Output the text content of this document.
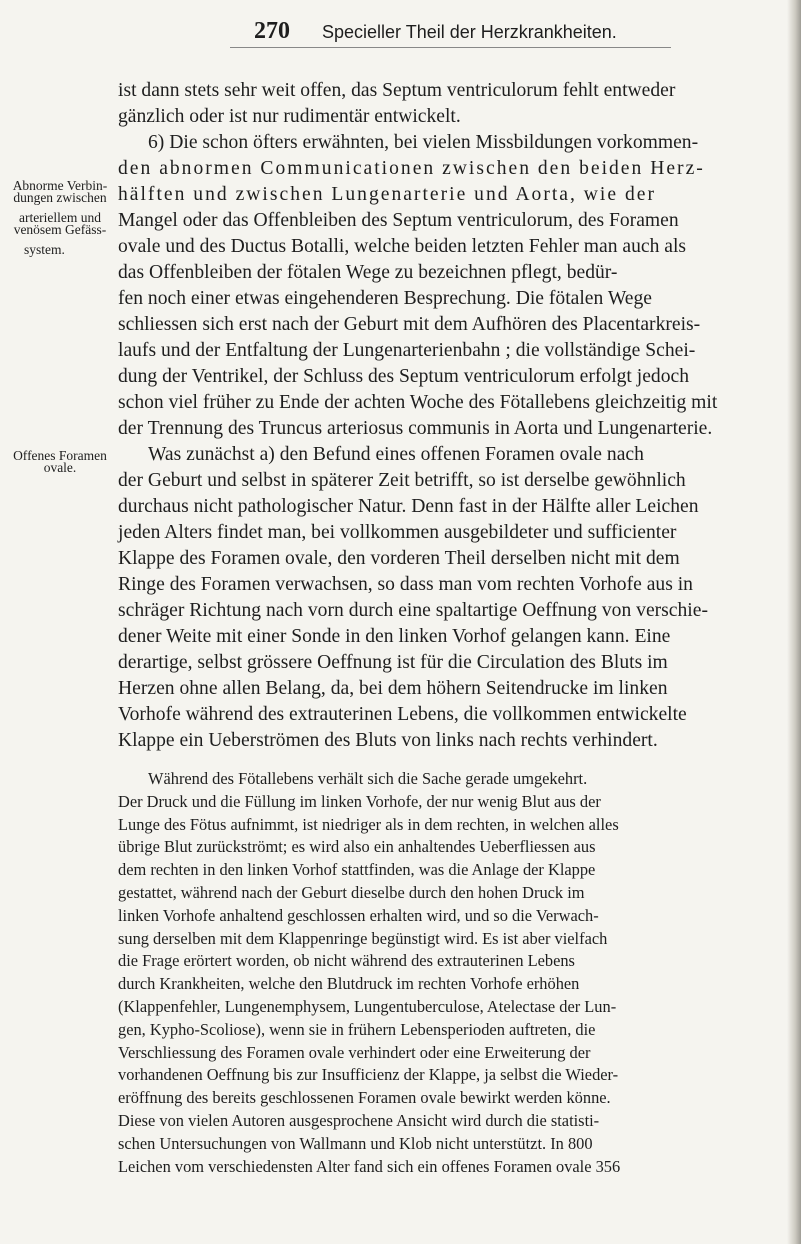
270 Specieller Theil der Herzkrankheiten.
Abnorme Verbin-
dungen zwischen
arteriellem und
venösem Gefäss-
system.
Offenes Foramen
ovale.
ist dann stets sehr weit offen, das Septum ventriculorum fehlt entweder
gänzlich oder ist nur rudimentär entwickelt.
6) Die schon öfters erwähnten, bei vielen Missbildungen vorkommen-
den abnormen Communicationen zwischen den beiden Herz-
hälften und zwischen Lungenarterie und Aorta, wie der
Mangel oder das Offenbleiben des Septum ventriculorum, des Foramen
ovale und des Ductus Botalli, welche beiden letzten Fehler man auch als
das Offenbleiben der fötalen Wege zu bezeichnen pflegt, bedür-
fen noch einer etwas eingehenderen Besprechung. Die fötalen Wege
schliessen sich erst nach der Geburt mit dem Aufhören des Placentarkreis-
laufs und der Entfaltung der Lungenarterienbahn ; die vollständige Schei-
dung der Ventrikel, der Schluss des Septum ventriculorum erfolgt jedoch
schon viel früher zu Ende der achten Woche des Fötallebens gleichzeitig mit
der Trennung des Truncus arteriosus communis in Aorta und Lungenarterie.
Was zunächst a) den Befund eines offenen Foramen ovale nach
der Geburt und selbst in späterer Zeit betrifft, so ist derselbe gewöhnlich
durchaus nicht pathologischer Natur. Denn fast in der Hälfte aller Leichen
jeden Alters findet man, bei vollkommen ausgebildeter und sufficienter
Klappe des Foramen ovale, den vorderen Theil derselben nicht mit dem
Ringe des Foramen verwachsen, so dass man vom rechten Vorhofe aus in
schräger Richtung nach vorn durch eine spaltartige Oeffnung von verschie-
dener Weite mit einer Sonde in den linken Vorhof gelangen kann. Eine
derartige, selbst grössere Oeffnung ist für die Circulation des Bluts im
Herzen ohne allen Belang, da, bei dem höhern Seitendrucke im linken
Vorhofe während des extrauterinen Lebens, die vollkommen entwickelte
Klappe ein Ueberströmen des Bluts von links nach rechts verhindert.
Während des Fötallebens verhält sich die Sache gerade umgekehrt.
Der Druck und die Füllung im linken Vorhofe, der nur wenig Blut aus der
Lunge des Fötus aufnimmt, ist niedriger als in dem rechten, in welchen alles
übrige Blut zurückströmt; es wird also ein anhaltendes Ueberfliessen aus
dem rechten in den linken Vorhof stattfinden, was die Anlage der Klappe
gestattet, während nach der Geburt dieselbe durch den hohen Druck im
linken Vorhofe anhaltend geschlossen erhalten wird, und so die Verwach-
sung derselben mit dem Klappenringe begünstigt wird. Es ist aber vielfach
die Frage erörtert worden, ob nicht während des extrauterinen Lebens
durch Krankheiten, welche den Blutdruck im rechten Vorhofe erhöhen
(Klappenfehler, Lungenemphysem, Lungentuberculose, Atelectase der Lun-
gen, Kypho-Scoliose), wenn sie in frühern Lebensperioden auftreten, die
Verschliessung des Foramen ovale verhindert oder eine Erweiterung der
vorhandenen Oeffnung bis zur Insufficienz der Klappe, ja selbst die Wieder-
eröffnung des bereits geschlossenen Foramen ovale bewirkt werden könne.
Diese von vielen Autoren ausgesprochene Ansicht wird durch die statisti-
schen Untersuchungen von Wallmann und Klob nicht unterstützt. In 800
Leichen vom verschiedensten Alter fand sich ein offenes Foramen ovale 356
